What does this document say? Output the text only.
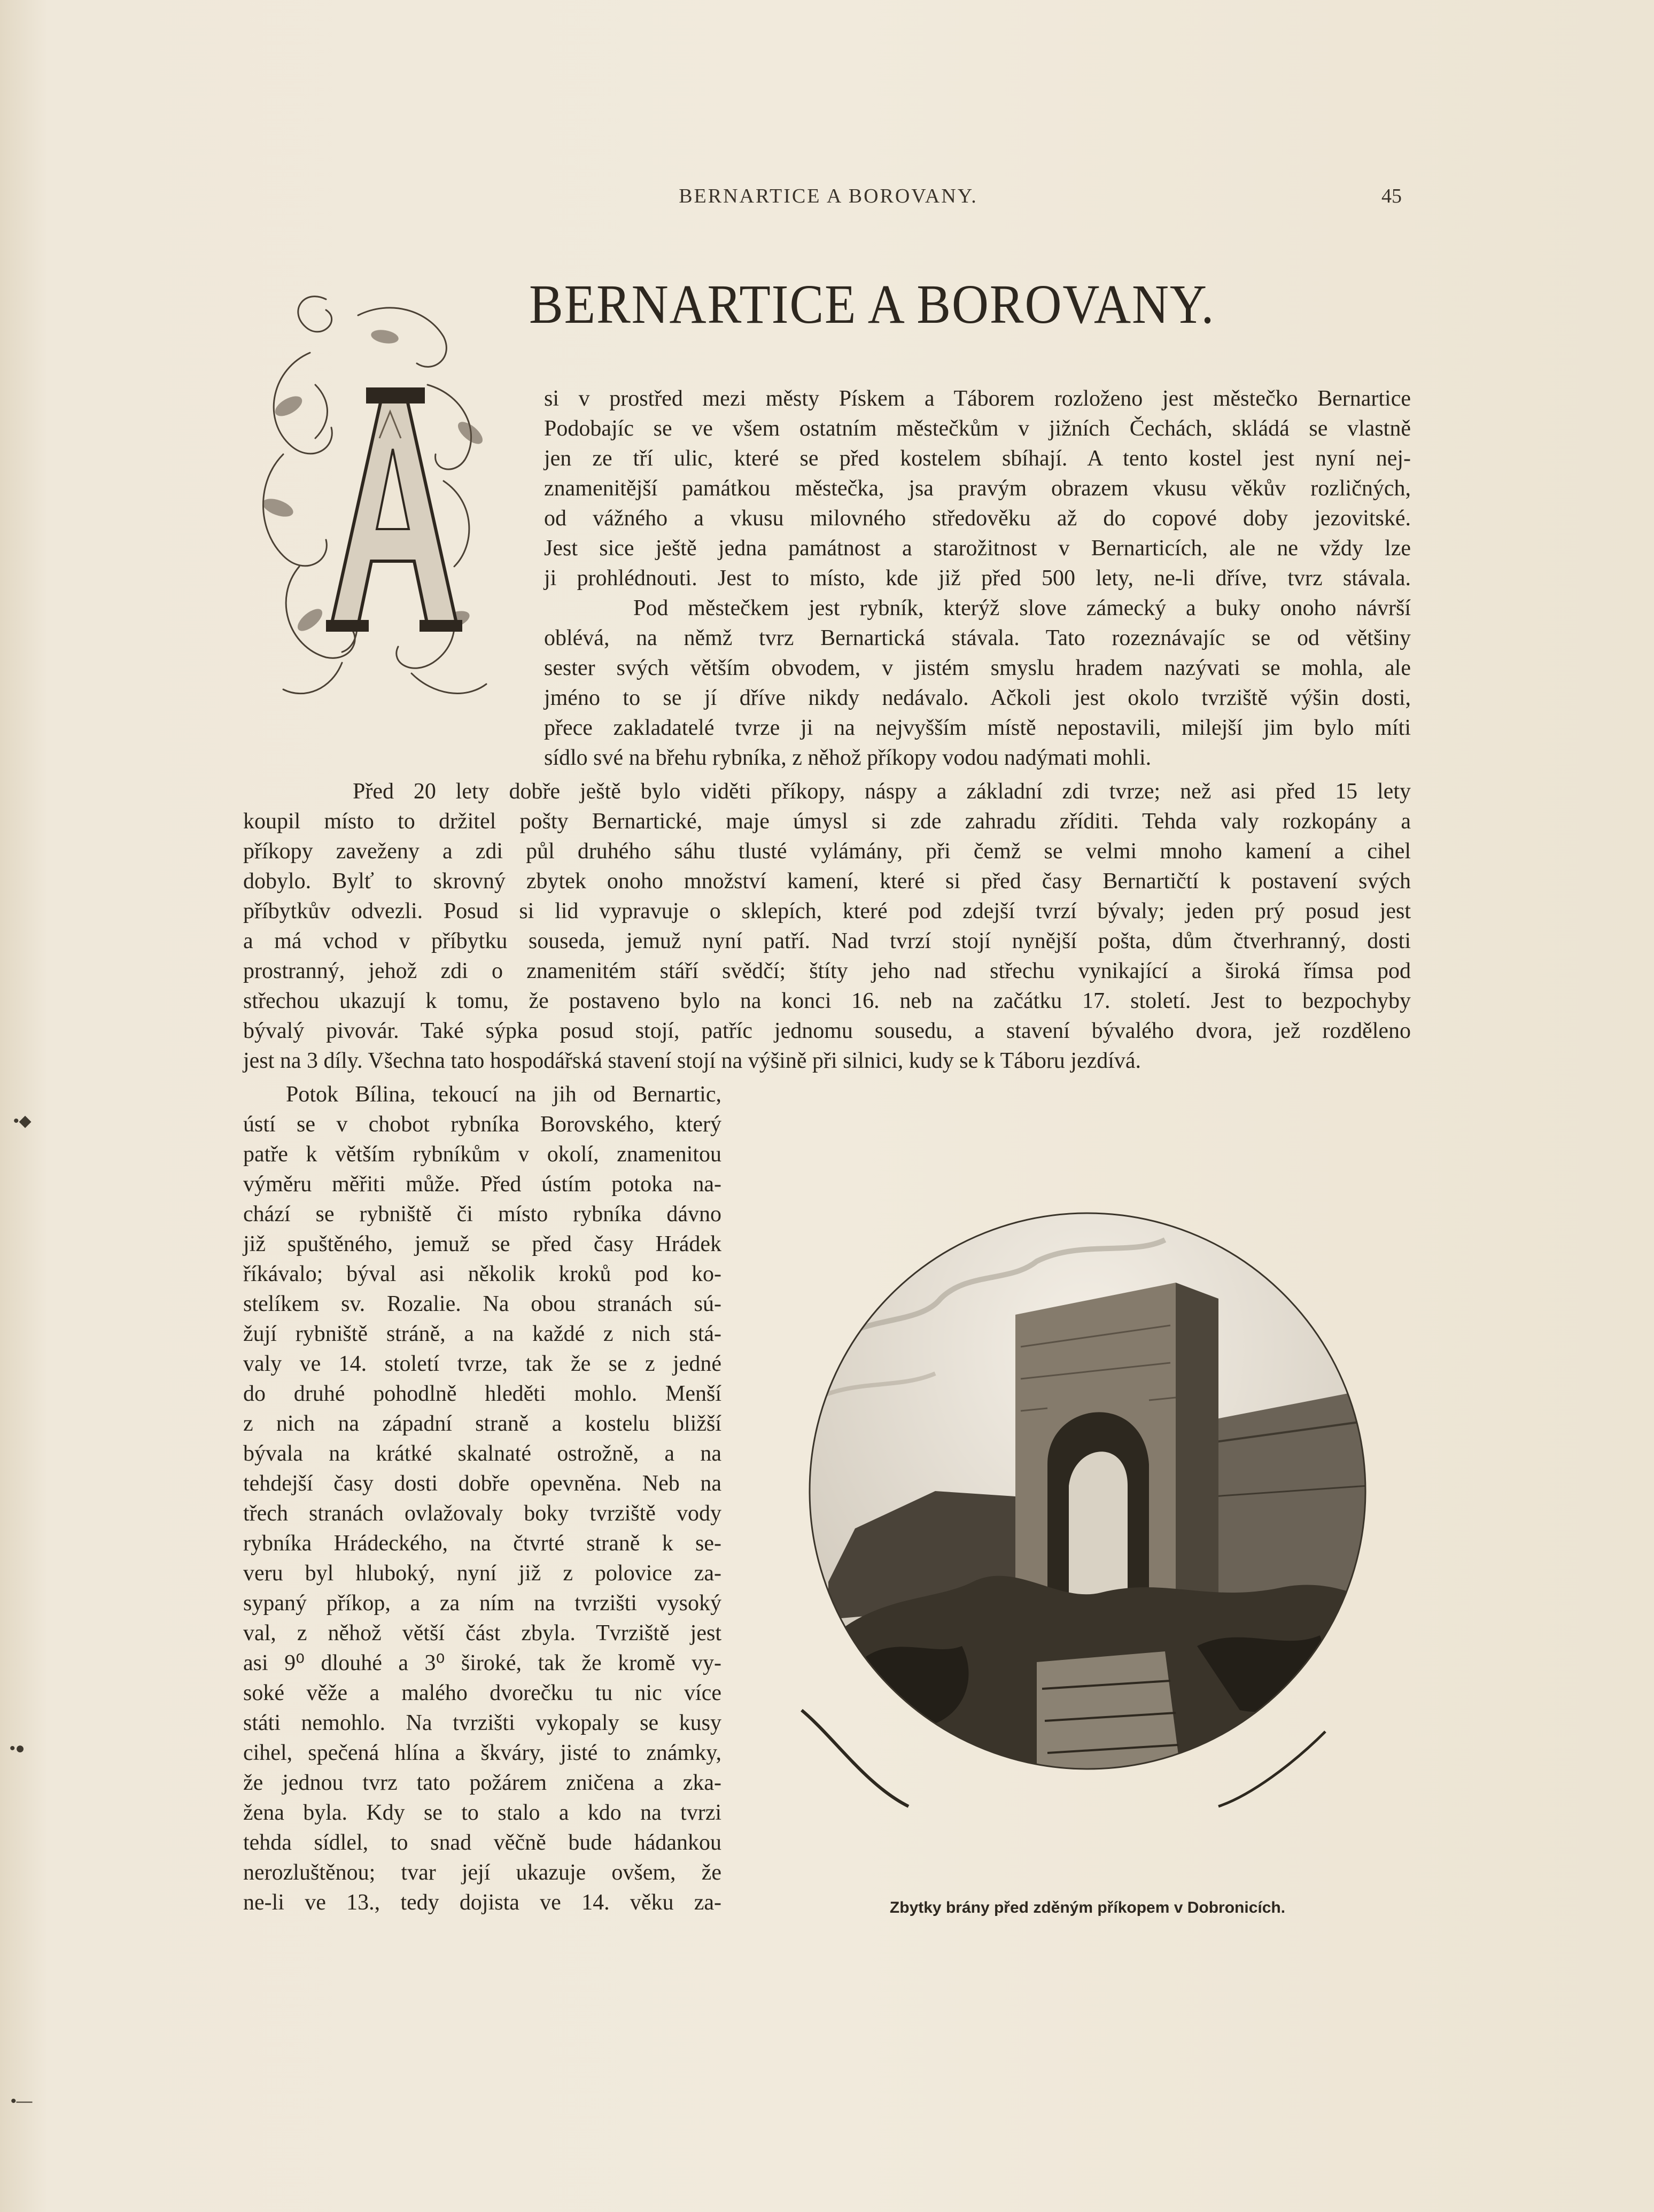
BERNARTICE A BOROVANY.	45
BERNARTICE A BOROVANY.
si v prostřed mezi městy Pískem a Táborem rozloženo jest městečko Bernartice
Podobajíc se ve všem ostatním městečkům v jižních Čechách, skládá se vlastně
jen ze tří ulic, které se před kostelem sbíhají. A tento kostel jest nyní nej-
znamenitější památkou městečka, jsa pravým obrazem vkusu věkův rozličných,
od vážného a vkusu milovného středověku až do copové doby jezovitské.
Jest sice ještě jedna památnost a starožitnost v Bernarticích, ale ne vždy lze
ji prohlédnouti. Jest to místo, kde již před 500 lety, ne-li dříve, tvrz stávala.
Pod městečkem jest rybník, kterýž slove zámecký a buky onoho návrší
oblévá, na němž tvrz Bernartická stávala. Tato rozeznávajíc se od většiny
sester svých větším obvodem, v jistém smyslu hradem nazývati se mohla, ale
jméno to se jí dříve nikdy nedávalo. Ačkoli jest okolo tvrziště výšin dosti,
přece zakladatelé tvrze ji na nejvyšším místě nepostavili, milejší jim bylo míti
sídlo své na břehu rybníka, z něhož příkopy vodou nadýmati mohli.
Před 20 lety dobře ještě bylo viděti příkopy, náspy a základní zdi tvrze; než asi před 15 lety
koupil místo to držitel pošty Bernartické, maje úmysl si zde zahradu zříditi. Tehda valy rozkopány a
příkopy zaveženy a zdi půl druhého sáhu tlusté vylámány, při čemž se velmi mnoho kamení a cihel
dobylo. Bylť to skrovný zbytek onoho množství kamení, které si před časy Bernartičtí k postavení svých
příbytkův odvezli. Posud si lid vypravuje o sklepích, které pod zdejší tvrzí bývaly; jeden prý posud jest
a má vchod v příbytku souseda, jemuž nyní patří. Nad tvrzí stojí nynější pošta, dům čtverhranný, dosti
prostranný, jehož zdi o znamenitém stáří svědčí; štíty jeho nad střechu vynikající a široká římsa pod
střechou ukazují k tomu, že postaveno bylo na konci 16. neb na začátku 17. století. Jest to bezpochyby
bývalý pivovár. Také sýpka posud stojí, patříc jednomu sousedu, a stavení bývalého dvora, jež rozděleno
jest na 3 díly. Všechna tato hospodářská stavení stojí na výšině při silnici, kudy se k Táboru jezdívá.
Potok Bílina, tekoucí na jih od Bernartic,
ústí se v chobot rybníka Borovského, který
patře k větším rybníkům v okolí, znamenitou
výměru měřiti může. Před ústím potoka na-
chází se rybniště či místo rybníka dávno
již spuštěného, jemuž se před časy Hrádek
říkávalo; býval asi několik kroků pod ko-
stelíkem sv. Rozalie. Na obou stranách sú-
žují rybniště stráně, a na každé z nich stá-
valy ve 14. století tvrze, tak že se z jedné
do druhé pohodlně hleděti mohlo. Menší
z nich na západní straně a kostelu bližší
bývala na krátké skalnaté ostrožně, a na
tehdejší časy dosti dobře opevněna. Neb na
třech stranách ovlažovaly boky tvrziště vody
rybníka Hrádeckého, na čtvrté straně k se-
veru byl hluboký, nyní již z polovice za-
sypaný příkop, a za ním na tvrzišti vysoký
val, z něhož větší část zbyla. Tvrziště jest
asi 9⁰ dlouhé a 3⁰ široké, tak že kromě vy-
soké věže a malého dvorečku tu nic více
státi nemohlo. Na tvrzišti vykopaly se kusy
cihel, spečená hlína a škváry, jisté to známky,
že jednou tvrz tato požárem zničena a zka-
žena byla. Kdy se to stalo a kdo na tvrzi
tehda sídlel, to snad věčně bude hádankou
nerozluštěnou; tvar její ukazuje ovšem, že
ne-li ve 13., tedy dojista ve 14. věku za-	Zbytky brány před zděným příkopem v Dobronicích.
•◆
•●
•—
